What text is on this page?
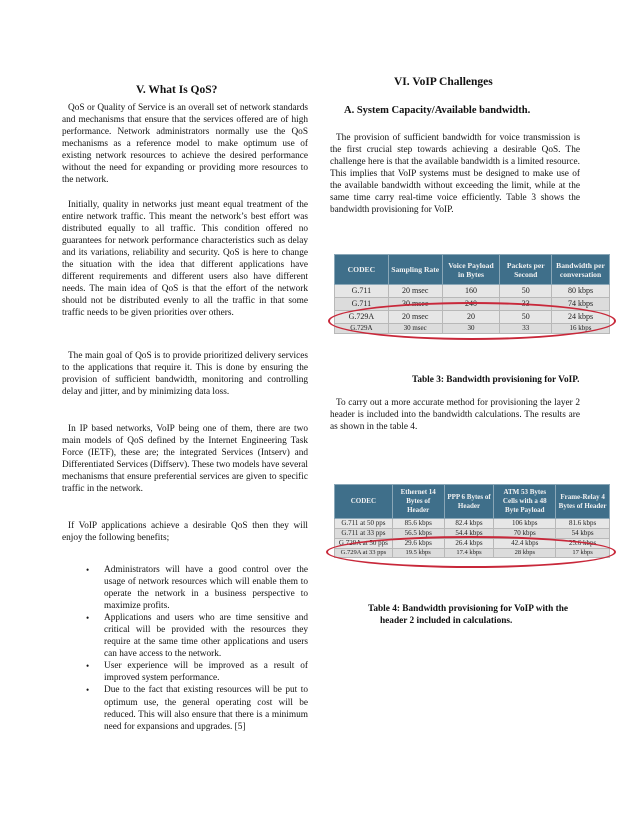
V. What Is QoS?

QoS or Quality of Service is an overall set of network standards and mechanisms that ensure that the services offered are of high performance. Network administrators normally use the QoS mechanisms as a reference model to make optimum use of existing network resources to achieve the desired performance without the need for expanding or providing more resources to the network.

Initially, quality in networks just meant equal treatment of the entire network traffic. This meant the network’s best effort was distributed equally to all traffic. This condition offered no guarantees for network performance characteristics such as delay and its variations, reliability and security. QoS is here to change the situation with the idea that different applications have different requirements and different users also have different needs. The main idea of QoS is that the effort of the network should not be distributed evenly to all the traffic in that some traffic needs to be given priorities over others.

The main goal of QoS is to provide prioritized delivery services to the applications that require it. This is done by ensuring the provision of sufficient bandwidth, monitoring and controlling delay and jitter, and by minimizing data loss.

In IP based networks, VoIP being one of them, there are two main models of QoS defined by the Internet Engineering Task Force (IETF), these are; the integrated Services (Intserv) and Differentiated Services (Diffserv). These two models have several mechanisms that ensure preferential services are given to specific traffic in the network.

If VoIP applications achieve a desirable QoS then they will enjoy the following benefits;

• Administrators will have a good control over the usage of network resources which will enable them to operate the network in a business perspective to maximize profits.
• Applications and users who are time sensitive and critical will be provided with the resources they require at the same time other applications and users can have access to the network.
• User experience will be improved as a result of improved system performance.
• Due to the fact that existing resources will be put to optimum use, the general operating cost will be reduced. This will also ensure that there is a minimum need for expansions and upgrades. [5]
VI. VoIP Challenges
A. System Capacity/Available bandwidth.

The provision of sufficient bandwidth for voice transmission is the first crucial step towards achieving a desirable QoS. The challenge here is that the available bandwidth is a limited resource. This implies that VoIP systems must be designed to make use of the available bandwidth without exceeding the limit, while at the same time carry real-time voice efficiently. Table 3 shows the bandwidth provisioning for VoIP.

CODEC	Sampling Rate	Voice Payload in Bytes	Packets per Second	Bandwidth per conversation
G.711	20 msec	160	50	80 kbps
G.711	30 msec	240	33	74 kbps
G.729A	20 msec	20	50	24 kbps
G.729A	30 msec	30	33	16 kbps
Table 3: Bandwidth provisioning for VoIP.

To carry out a more accurate method for provisioning the layer 2 header is included into the bandwidth calculations. The results are as shown in the table 4.

CODEC	Ethernet 14 Bytes of Header	PPP 6 Bytes of Header	ATM 53 Bytes Cells with a 48 Byte Payload	Frame-Relay 4 Bytes of Header
G.711 at 50 pps	85.6 kbps	82.4 kbps	106 kbps	81.6 kbps
G.711 at 33 pps	56.5 kbps	54.4 kbps	70 kbps	54 kbps
G.729A at 50 pps	29.6 kbps	26.4 kbps	42.4 kbps	25.6 kbps
G.729A at 33 pps	19.5 kbps	17.4 kbps	28 kbps	17 kbps
Table 4: Bandwidth provisioning for VoIP with the
header 2 included in calculations.
